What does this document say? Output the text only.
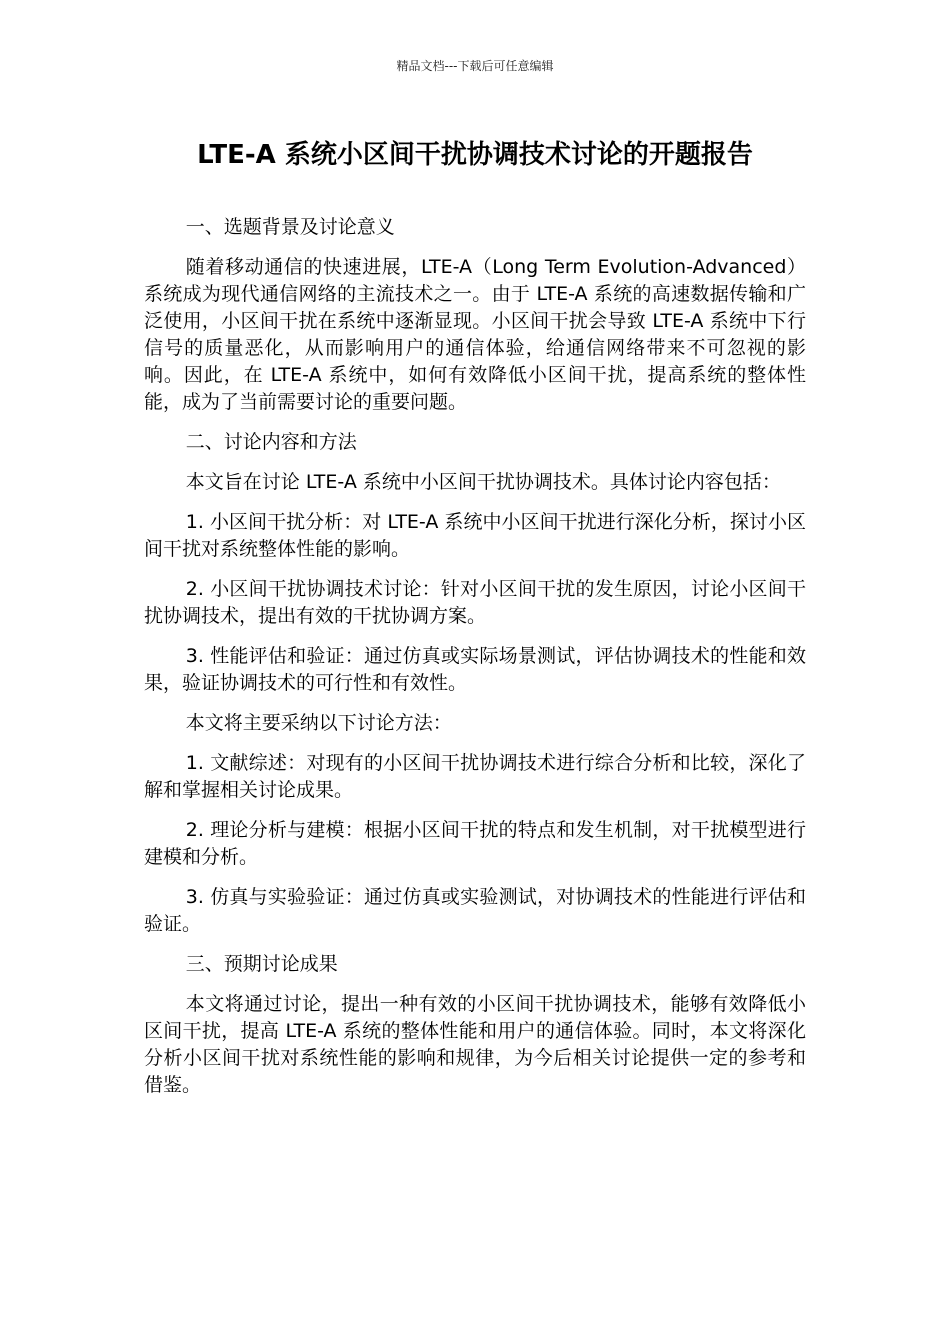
精品文档---下载后可任意编辑
LTE-A 系统小区间干扰协调技术讨论的开题报告

一、选题背景及讨论意义

随着移动通信的快速进展，LTE-A（Long Term Evolution-Advanced）系统成为现代通信网络的主流技术之一。由于 LTE-A 系统的高速数据传输和广泛使用，小区间干扰在系统中逐渐显现。小区间干扰会导致 LTE-A 系统中下行信号的质量恶化，从而影响用户的通信体验，给通信网络带来不可忽视的影响。因此，在 LTE-A 系统中，如何有效降低小区间干扰，提高系统的整体性能，成为了当前需要讨论的重要问题。

二、讨论内容和方法

本文旨在讨论 LTE-A 系统中小区间干扰协调技术。具体讨论内容包括：

1. 小区间干扰分析：对 LTE-A 系统中小区间干扰进行深化分析，探讨小区间干扰对系统整体性能的影响。

2. 小区间干扰协调技术讨论：针对小区间干扰的发生原因，讨论小区间干扰协调技术，提出有效的干扰协调方案。

3. 性能评估和验证：通过仿真或实际场景测试，评估协调技术的性能和效果，验证协调技术的可行性和有效性。

本文将主要采纳以下讨论方法：

1. 文献综述：对现有的小区间干扰协调技术进行综合分析和比较，深化了解和掌握相关讨论成果。

2. 理论分析与建模：根据小区间干扰的特点和发生机制，对干扰模型进行建模和分析。

3. 仿真与实验验证：通过仿真或实验测试，对协调技术的性能进行评估和验证。

三、预期讨论成果

本文将通过讨论，提出一种有效的小区间干扰协调技术，能够有效降低小区间干扰，提高 LTE-A 系统的整体性能和用户的通信体验。同时，本文将深化分析小区间干扰对系统性能的影响和规律，为今后相关讨论提供一定的参考和借鉴。
